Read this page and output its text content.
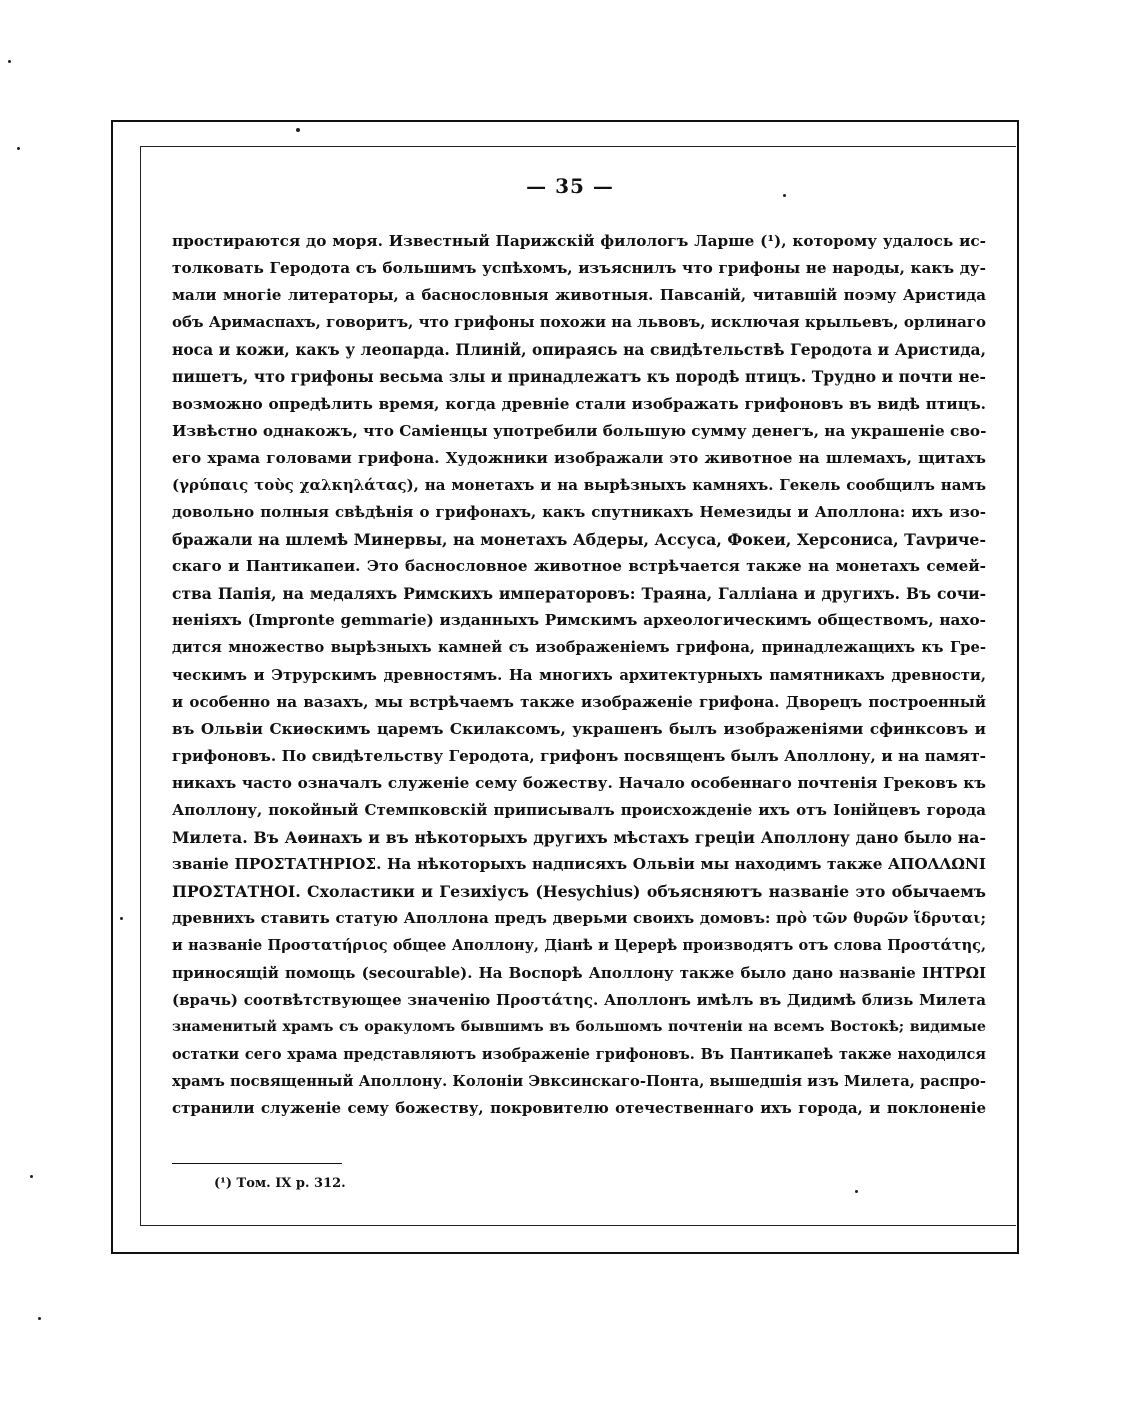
— 35 —
простираются до моря. Известный Парижскій филологъ Ларше (¹), которому удалось ис-
толковать Геродота съ большимъ успѣхомъ, изъяснилъ что грифоны не народы, какъ ду-
мали многіе литераторы, а баснословныя животныя. Павсаній, читавшій поэму Аристида
объ Аримаспахъ, говоритъ, что грифоны похожи на львовъ, исключая крыльевъ, орлинаго
носа и кожи, какъ у леопарда. Плиній, опираясь на свидѣтельствѣ Геродота и Аристида,
пишетъ, что грифоны весьма злы и принадлежатъ къ породѣ птицъ. Трудно и почти не-
возможно опредѣлить время, когда древніе стали изображать грифоновъ въ видѣ птицъ.
Извѣстно однакожъ, что Саміенцы употребили большую сумму денегъ, на украшеніе сво-
его храма головами грифона. Художники изображали это животное на шлемахъ, щитахъ
(γρύπαις τοὺς χαλκηλάτας), на монетахъ и на вырѣзныхъ камняхъ. Гекель сообщилъ намъ
довольно полныя свѣдѣнія о грифонахъ, какъ спутникахъ Немезиды и Аполлона: ихъ изо-
бражали на шлемѣ Минервы, на монетахъ Абдеры, Ассуса, Фокеи, Херсониса, Тavриче-
скаго и Пантикапеи. Это баснословное животное встрѣчается также на монетахъ семей-
ства Папія, на медаляхъ Римскихъ императоровъ: Траяна, Галліана и другихъ. Въ сочи-
неніяхъ (Impronte gemmarie) изданныхъ Римскимъ археологическимъ обществомъ, нахо-
дится множество вырѣзныхъ камней съ изображеніемъ грифона, принадлежащихъ къ Гре-
ческимъ и Этрурскимъ древностямъ. На многихъ архитектурныхъ памятникахъ древности,
и особенно на вазахъ, мы встрѣчаемъ также изображеніе грифона. Дворецъ построенный
въ Ольвіи Скиѳскимъ царемъ Скилаксомъ, украшенъ былъ изображеніями сфинксовъ и
грифоновъ. По свидѣтельству Геродота, грифонъ посвященъ былъ Аполлону, и на памят-
никахъ часто означалъ служеніе сему божеству. Начало особеннаго почтенія Грековъ къ
Аполлону, покойный Стемпковскій приписывалъ происхожденіе ихъ отъ Іонійцевъ города
Милета. Въ Аѳинахъ и въ нѣкоторыхъ другихъ мѣстахъ греціи Аполлону дано было на-
званіе ΠΡΟΣΤΑΤΗΡΙΟΣ. На нѣкоторыхъ надписяхъ Ольвіи мы находимъ также ΑΠΟΛΛΩΝΙ
ΠΡΟΣΤΑΤΗΟΙ. Схоластики и Гезихіусъ (Hesychius) объясняютъ названіе это обычаемъ
древнихъ ставить статую Аполлона предъ дверьми своихъ домовъ: πρὸ τῶν θυρῶν ἵδρυται;
и названіе Προστατήριος общее Аполлону, Діанѣ и Церерѣ производятъ отъ слова Προστάτης,
приносящій помощь (secourable). На Воспорѣ Аполлону также было дано названіе ΙΗΤΡΩΙ
(врачь) соотвѣтствующее значенію Προστάτης. Аполлонъ имѣлъ въ Дидимѣ близь Милета
знаменитый храмъ съ оракуломъ бывшимъ въ большомъ почтеніи на всемъ Востокѣ; видимые
остатки сего храма представляютъ изображеніе грифоновъ. Въ Пантикапеѣ также находился
храмъ посвященный Аполлону. Колоніи Эвксинскаго-Понта, вышедшія изъ Милета, распро-
странили служеніе сему божеству, покровителю отечественнаго ихъ города, и поклоненіе
(¹) Том. IX p. 312.
